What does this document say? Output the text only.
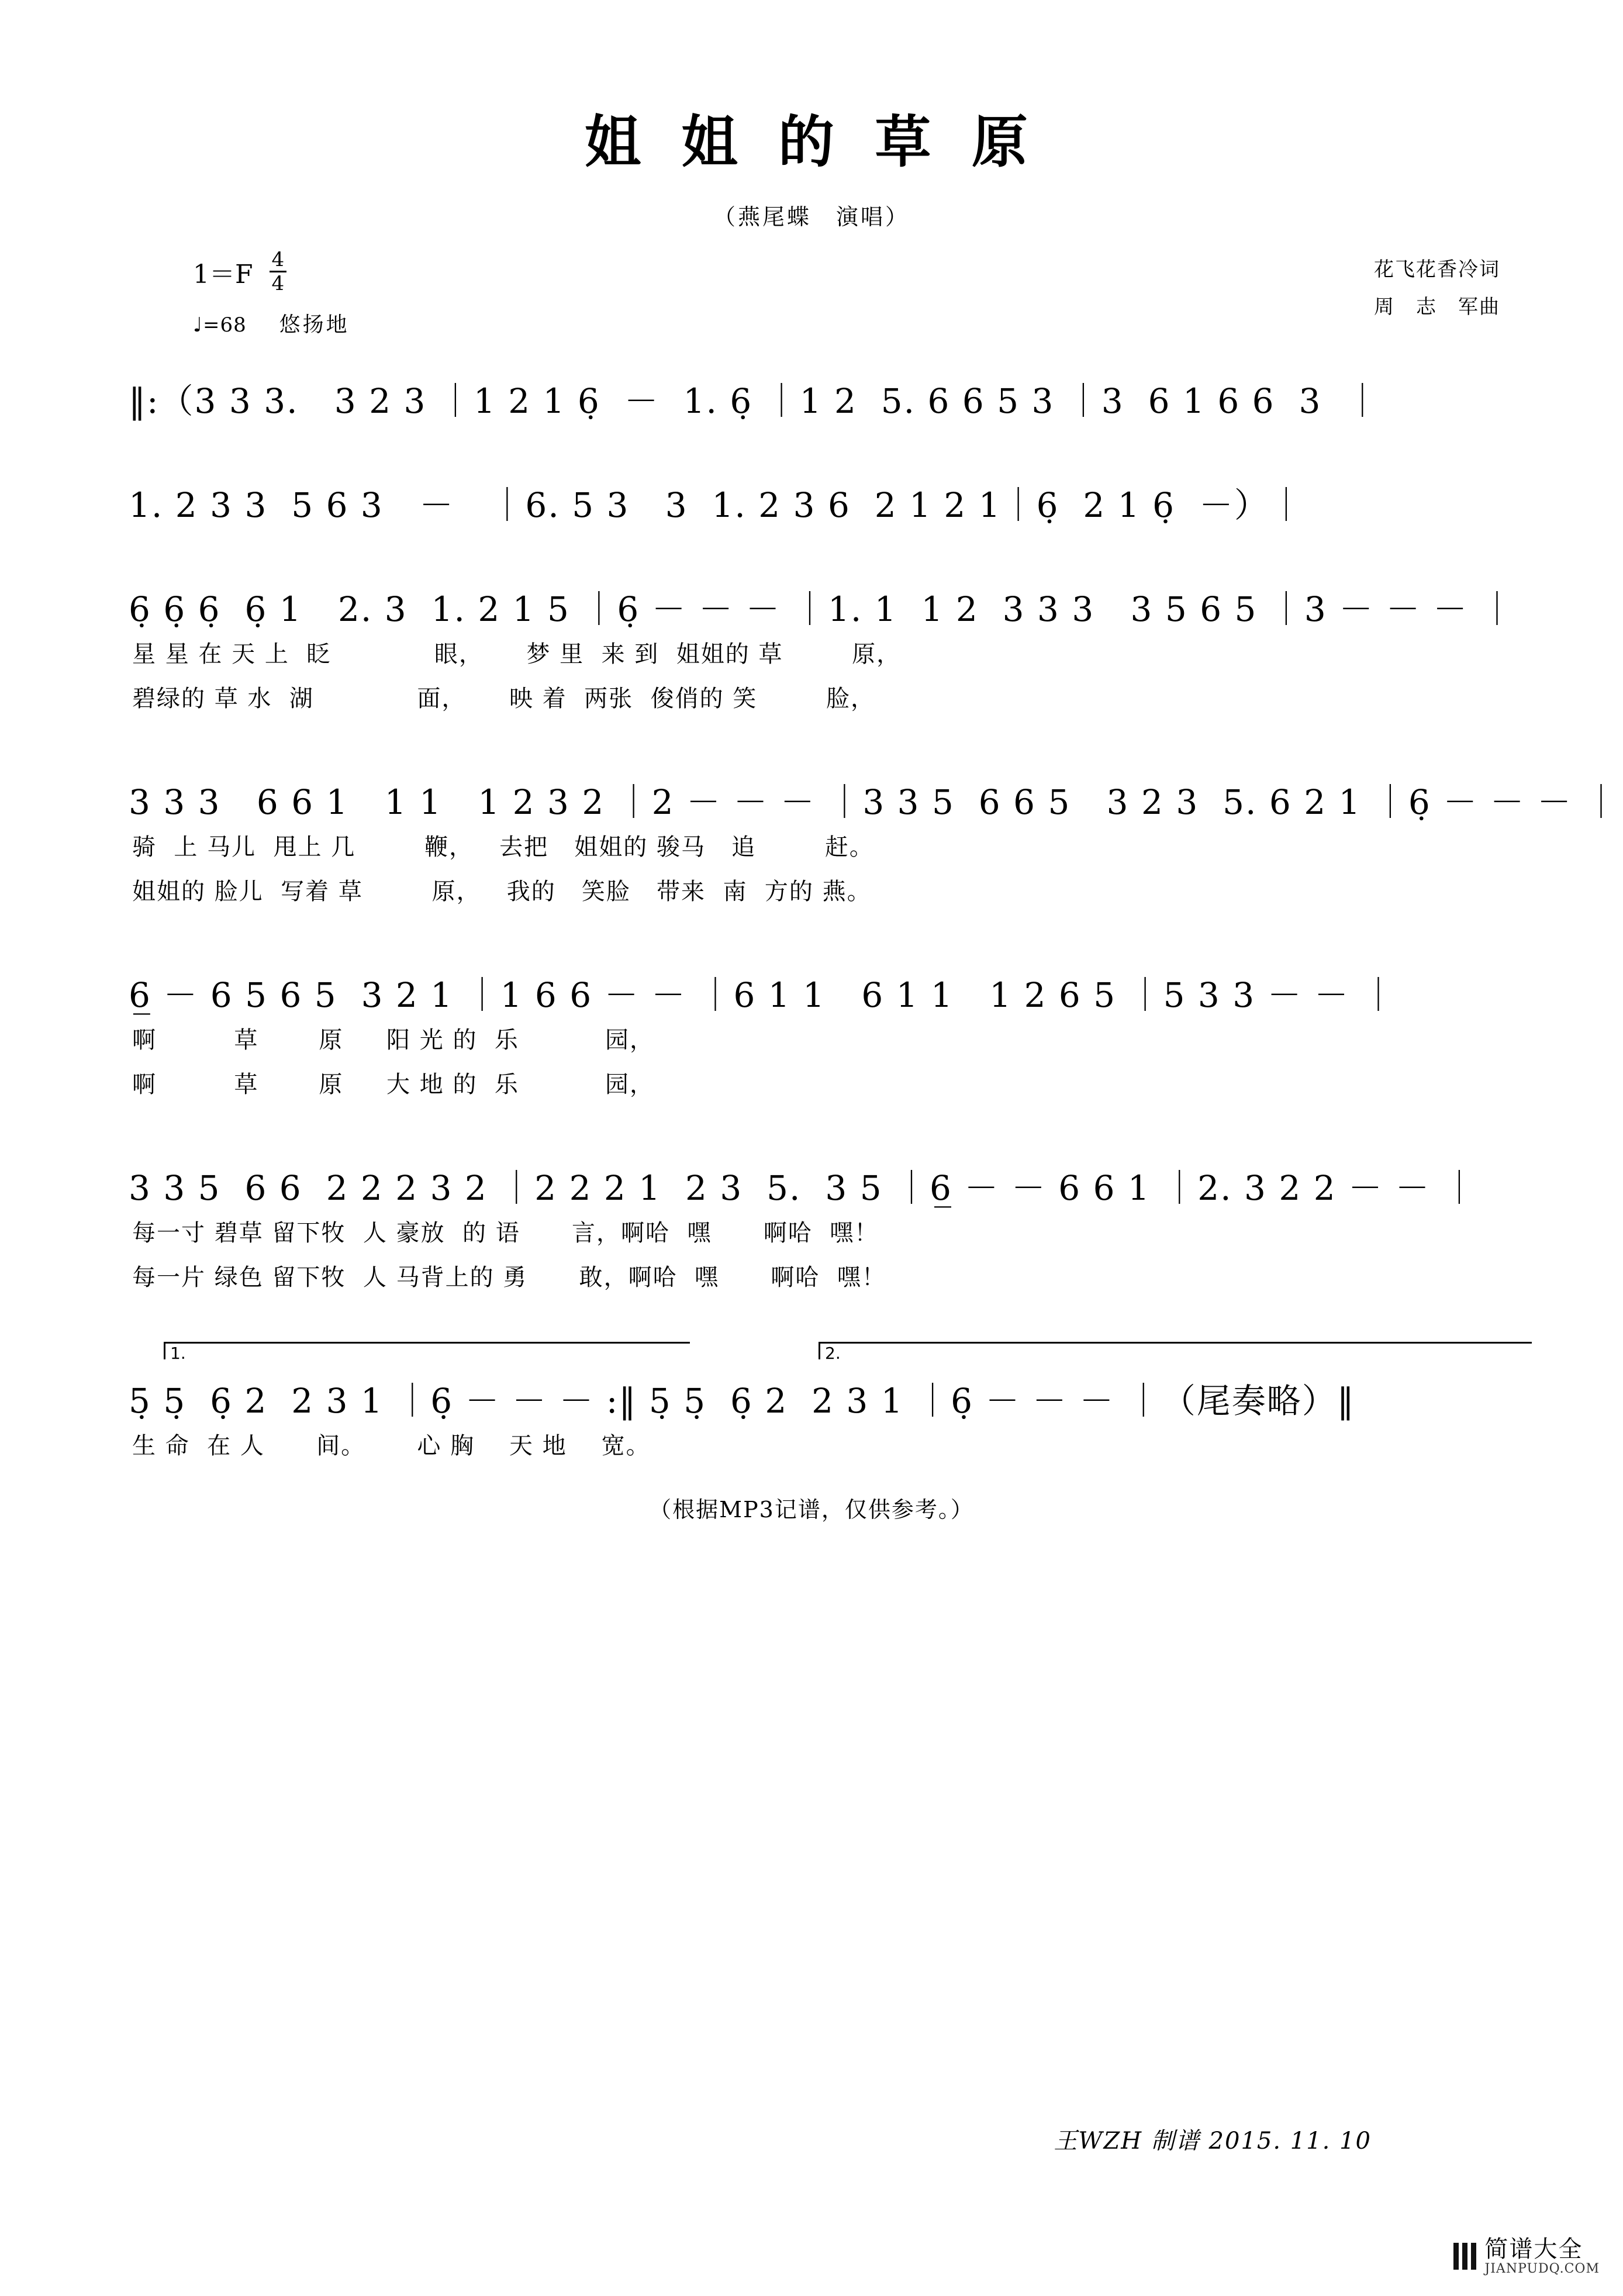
姐 姐 的 草 原
（燕尾蝶　演唱）
$1=F \frac{4}{4}$
♩=68 悠扬地
花飞花香冷词
周　志　军曲
‖:（3 3 3.   3 2 3 ｜1 2 1 6̣  －  1. 6̣ ｜1 2  5. 6 6 5 3 ｜3  6 1 6 6  3  ｜
1. 2 3 3  5 6 3   －   ｜6. 5 3   3  1. 2 3 6  2 1 2 1｜6̣  2 1 6̣  －）｜
6̣ 6̣ 6̣  6̣ 1   2. 3  1. 2 1 5 ｜6̣ － － － ｜1. 1  1 2  3 3 3   3 5 6 5 ｜3 － － － ｜
星 星 在 天 上  眨            眼，     梦 里  来 到  姐姐的 草        原，
碧绿的 草 水  湖            面，     映 着  两张  俊俏的 笑        脸，
3 3 3   6 6 1   1 1   1 2 3 2 ｜2 － － － ｜3 3 5  6 6 5   3 2 3  5. 6 2 1 ｜6̣ － － － ｜
骑  上 马儿  甩上 几        鞭，   去把   姐姐的 骏马   追        赶。
姐姐的 脸儿  写着 草        原，   我的   笑脸   带来  南  方的 燕。
6̲ － 6 5 6 5  3 2 1 ｜1 6 6 － － ｜6 1 1   6 1 1   1 2 6 5 ｜5 3 3 － － ｜
啊         草       原     阳 光 的  乐          园，
啊         草       原     大 地 的  乐          园，
3 3 5  6 6  2 2 2 3 2 ｜2 2 2 1  2 3  5.  3 5 ｜6̲ － － 6 6 1 ｜2. 3 2 2 － － ｜
每一寸 碧草 留下牧  人 豪放  的 语      言，啊哈  嘿      啊哈  嘿！
每一片 绿色 留下牧  人 马背上的 勇      敢，啊哈  嘿      啊哈  嘿！
1.	2.
5̣ 5̣  6̣ 2  2 3 1 ｜6̣ － － － :‖ 5̣ 5̣  6̣ 2  2 3 1 ｜6̣ － － － ｜（尾奏略）‖
生 命  在 人      间。      心 胸    天 地    宽。
（根据MP3记谱，仅供参考。）
王WZH 制谱 2015. 11. 10
简谱大全
JIANPUDQ.COM
